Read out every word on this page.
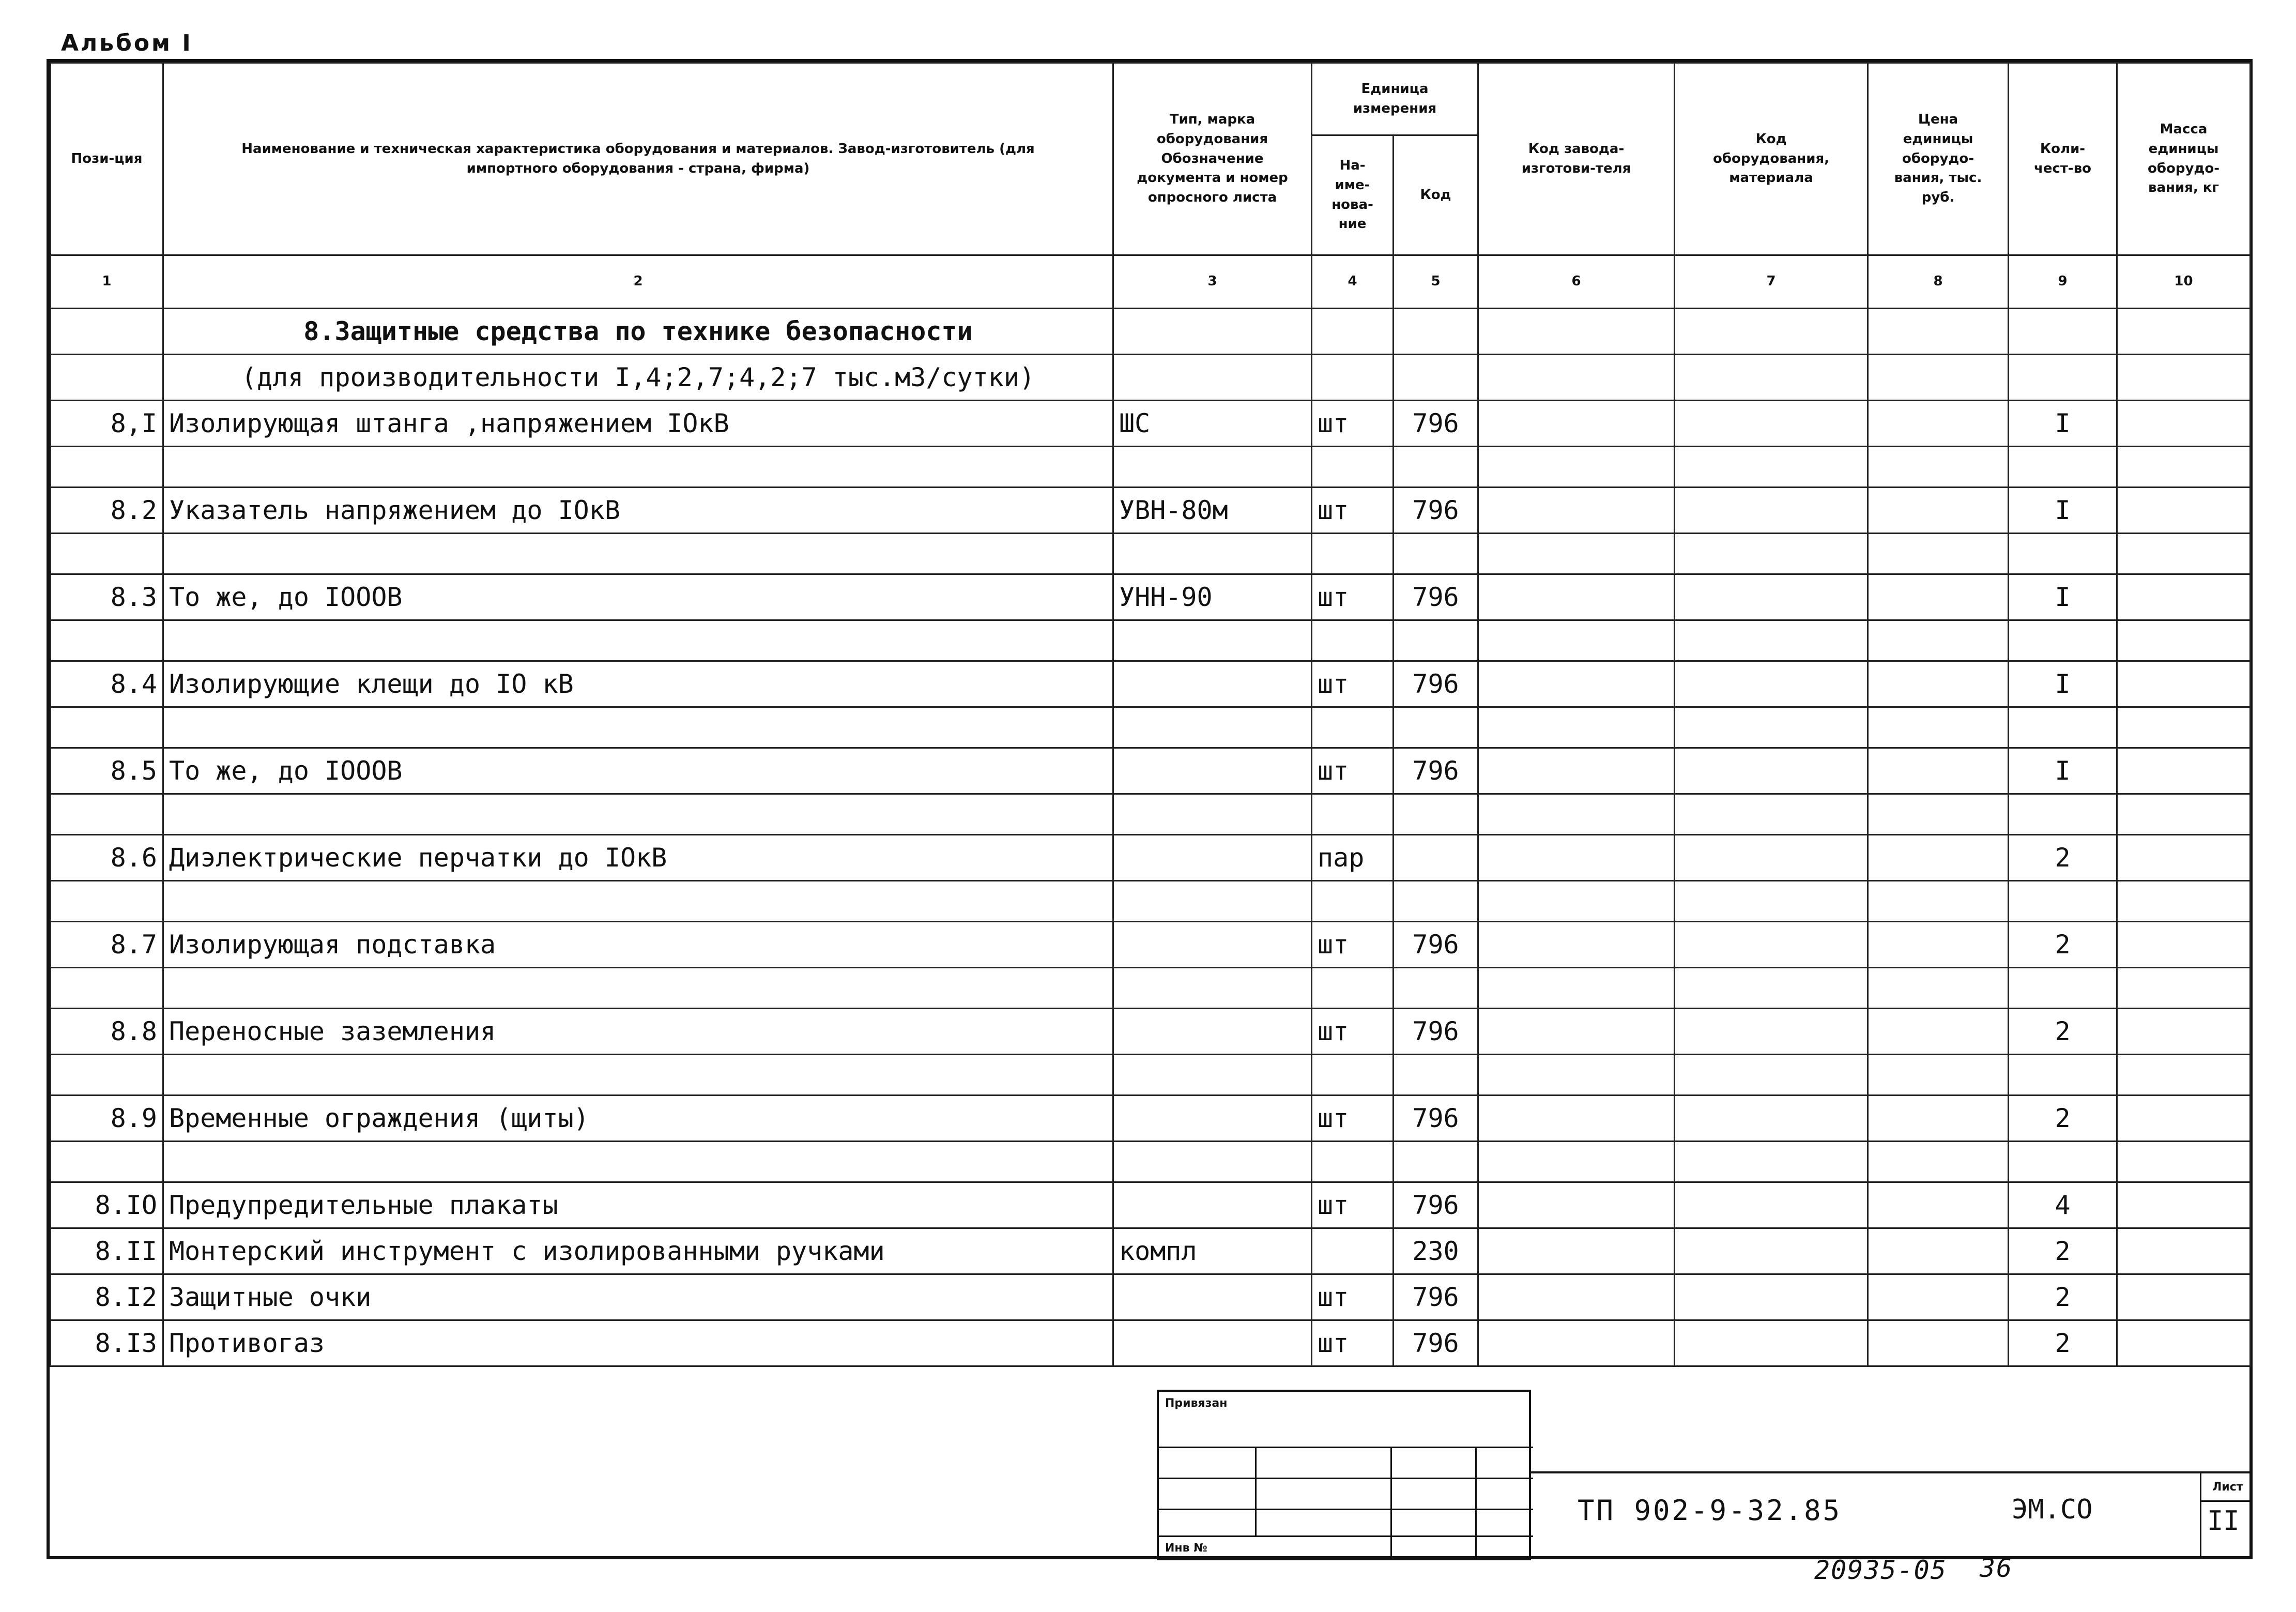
Альбом I
Пози-ция	Наименование и техническая характеристика оборудования и материалов. Завод-изготовитель (для импортного оборудования - страна, фирма)	Тип, марка оборудования Обозначение документа и номер опросного листа	Единица измерения		Код завода-изготови-теля	Код оборудования, материала	Цена единицы оборудо-вания, тыс. руб.	Коли-чест-во	Масса единицы оборудо-вания, кг
			На-име-нова-ние	Код					
1	2	3	4	5	6	7	8	9	10
	8.Защитные средства по технике безопасности								
	(для производительности I,4;2,7;4,2;7 тыс.м3/сутки)								
8,I	Изолирующая штанга ,напряжением IOкВ	ШС	шт	796				I	

8.2	Указатель напряжением до IOкВ	УВН-80м	шт	796				I	

8.3	То же, до IOOOВ	УНН-90	шт	796				I	

8.4	Изолирующие клещи до IO кВ		шт	796				I	

8.5	То же, до IOOOВ		шт	796				I	

8.6	Диэлектрические перчатки до IOкВ		пар					2	

8.7	Изолирующая подставка		шт	796				2	

8.8	Переносные заземления		шт	796				2	

8.9	Временные ограждения (щиты)		шт	796				2	

8.IO	Предупредительные плакаты		шт	796				4	
8.II	Монтерский инструмент с изолированными ручками	компл		230				2	
8.I2	Защитные очки		шт	796				2	
8.I3	Противогаз		шт	796				2	
Привязан
Инв №
ТП 902-9-32.85	ЭМ.СО
Лист
II
20935-05 36
